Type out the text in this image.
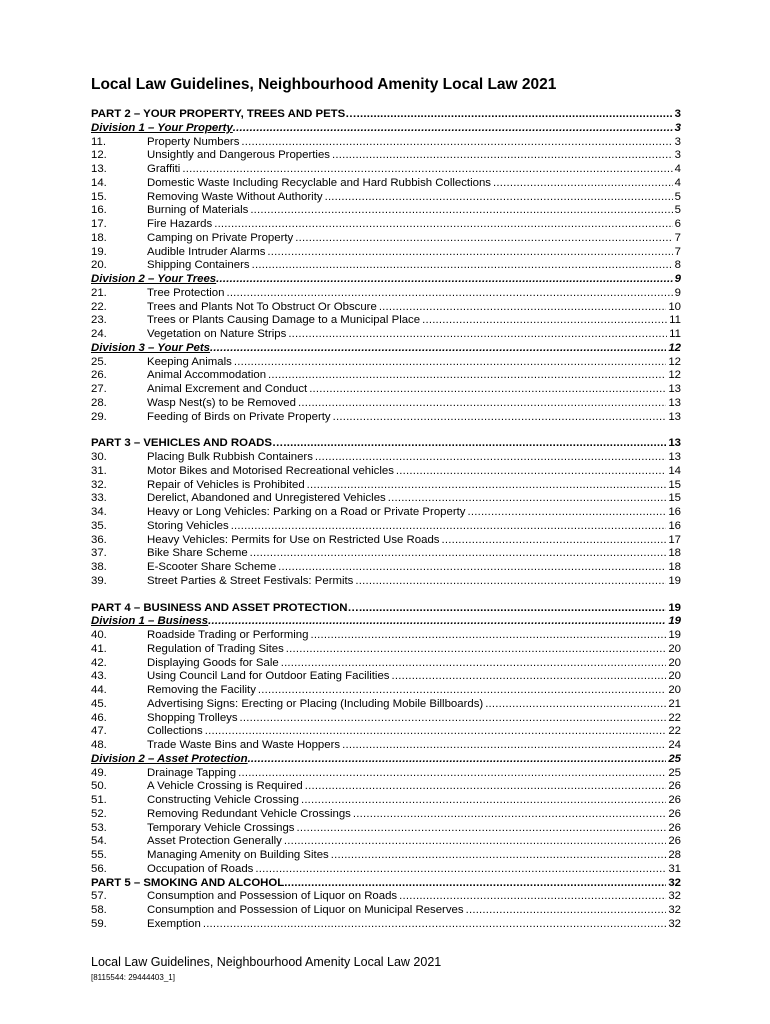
Local Law Guidelines, Neighbourhood Amenity Local Law 2021
PART 2 – YOUR PROPERTY, TREES AND PETS… .....	3
Division 1 – Your Property .....	3
11.	Property Numbers .....	3
12.	Unsightly and Dangerous Properties .....	3
13.	Graffiti .....	4
14.	Domestic Waste Including Recyclable and Hard Rubbish Collections .....	4
15.	Removing Waste Without Authority .....	5
16.	Burning of Materials .....	5
17.	Fire Hazards .....	6
18.	Camping on Private Property .....	7
19.	Audible Intruder Alarms .....	7
20.	Shipping Containers .....	8
Division 2 – Your Trees .....	9
21.	Tree Protection .....	9
22.	Trees and Plants Not To Obstruct Or Obscure .....	10
23.	Trees or Plants Causing Damage to a Municipal Place .....	11
24.	Vegetation on Nature Strips .....	11
Division 3 – Your Pets .....	12
25.	Keeping Animals .....	12
26.	Animal Accommodation .....	12
27.	Animal Excrement and Conduct .....	13
28.	Wasp Nest(s) to be Removed .....	13
29.	Feeding of Birds on Private Property .....	13
PART 3 – VEHICLES AND ROADS… .....	13
30.	Placing Bulk Rubbish Containers .....	13
31.	Motor Bikes and Motorised Recreational vehicles .....	14
32.	Repair of Vehicles is Prohibited .....	15
33.	Derelict, Abandoned and Unregistered Vehicles .....	15
34.	Heavy or Long Vehicles: Parking on a Road or Private Property .....	16
35.	Storing Vehicles .....	16
36.	Heavy Vehicles: Permits for Use on Restricted Use Roads .....	17
37.	Bike Share Scheme .....	18
38.	E-Scooter Share Scheme .....	18
39.	Street Parties & Street Festivals: Permits .....	19
PART 4 – BUSINESS AND ASSET PROTECTION… .....	19
Division 1 – Business .....	19
40.	Roadside Trading or Performing .....	19
41.	Regulation of Trading Sites .....	20
42.	Displaying Goods for Sale .....	20
43.	Using Council Land for Outdoor Eating Facilities .....	20
44.	Removing the Facility .....	20
45.	Advertising Signs: Erecting or Placing (Including Mobile Billboards) .....	21
46.	Shopping Trolleys .....	22
47.	Collections .....	22
48.	Trade Waste Bins and Waste Hoppers .....	24
Division 2 – Asset Protection .....	25
49.	Drainage Tapping .....	25
50.	A Vehicle Crossing is Required .....	26
51.	Constructing Vehicle Crossing .....	26
52.	Removing Redundant Vehicle Crossings .....	26
53.	Temporary Vehicle Crossings .....	26
54.	Asset Protection Generally .....	26
55.	Managing Amenity on Building Sites .....	28
56.	Occupation of Roads .....	31
PART 5 – SMOKING AND ALCOHOL .....	32
57.	Consumption and Possession of Liquor on Roads .....	32
58.	Consumption and Possession of Liquor on Municipal Reserves .....	32
59.	Exemption .....	32
Local Law Guidelines, Neighbourhood Amenity Local Law 2021
[8115544: 29444403_1]
